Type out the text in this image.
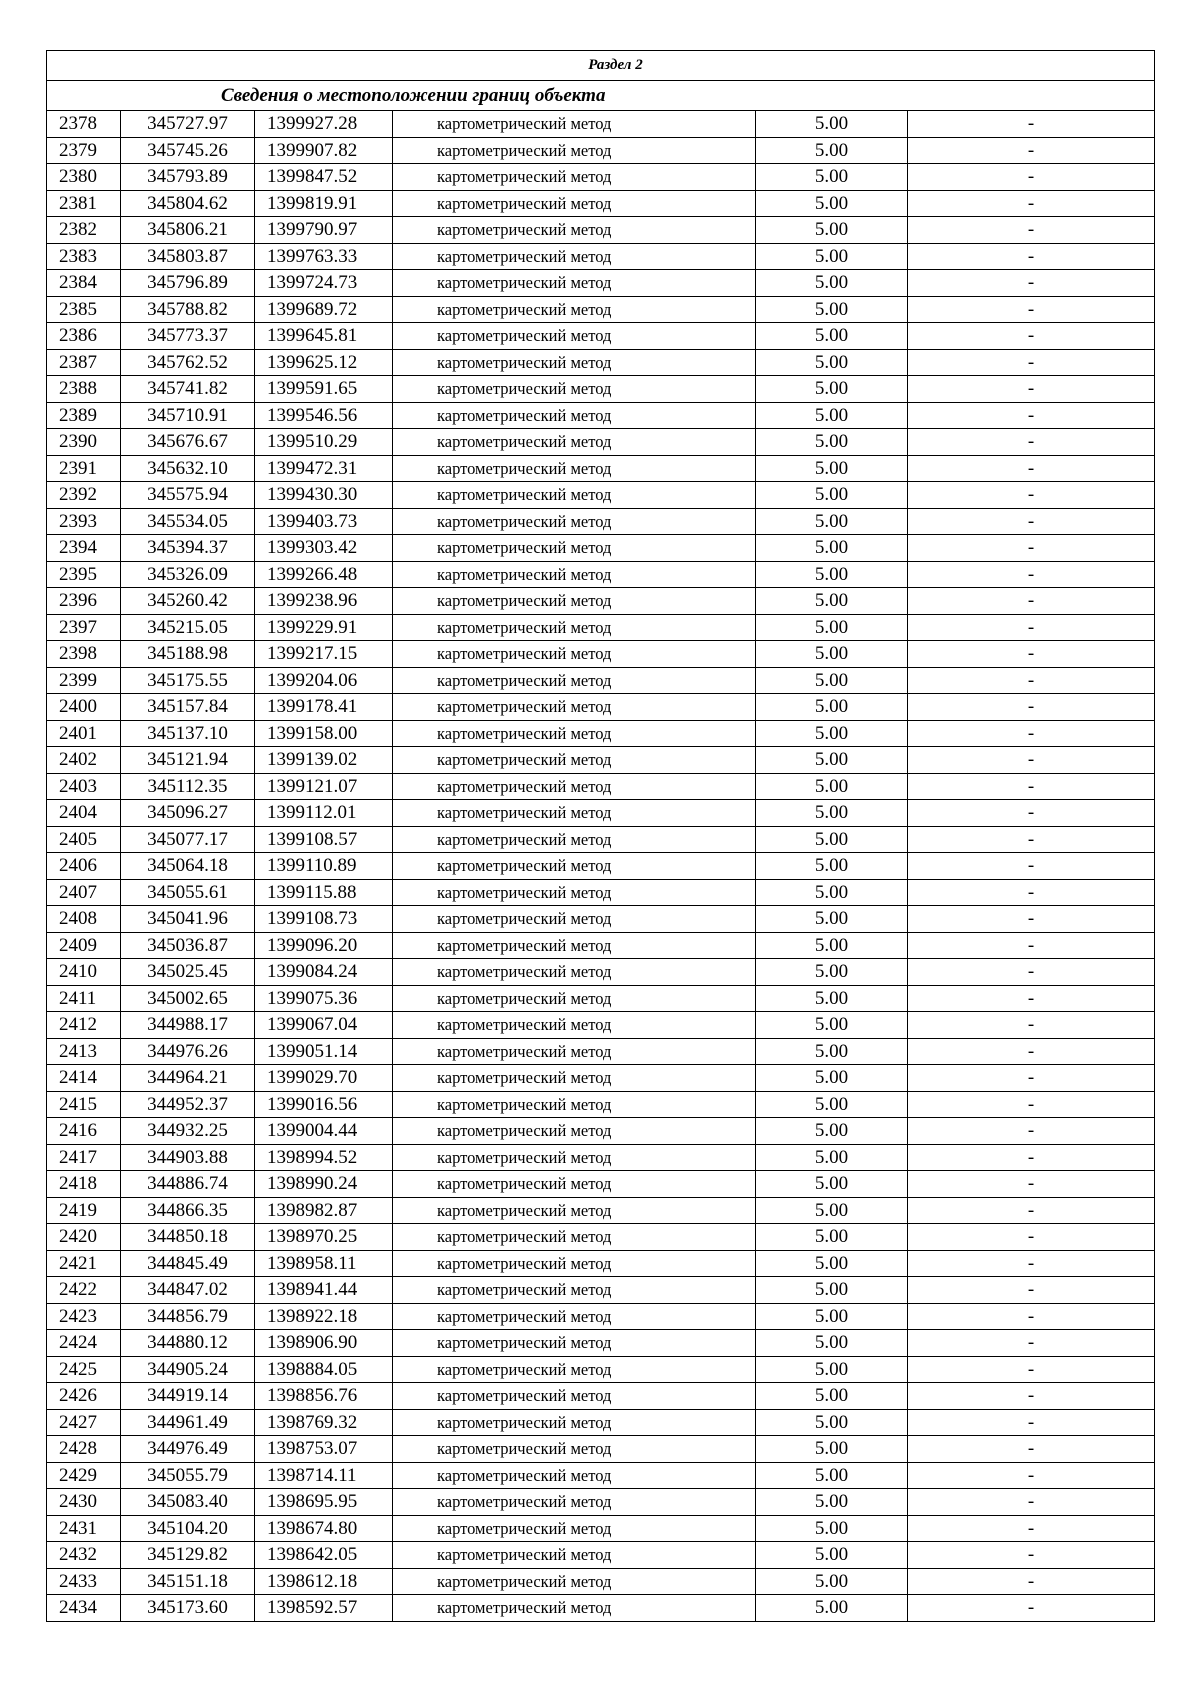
Раздел 2					
Сведения о местоположении границ объекта					
2378	345727.97	1399927.28	картометрический метод	5.00	-
2379	345745.26	1399907.82	картометрический метод	5.00	-
2380	345793.89	1399847.52	картометрический метод	5.00	-
2381	345804.62	1399819.91	картометрический метод	5.00	-
2382	345806.21	1399790.97	картометрический метод	5.00	-
2383	345803.87	1399763.33	картометрический метод	5.00	-
2384	345796.89	1399724.73	картометрический метод	5.00	-
2385	345788.82	1399689.72	картометрический метод	5.00	-
2386	345773.37	1399645.81	картометрический метод	5.00	-
2387	345762.52	1399625.12	картометрический метод	5.00	-
2388	345741.82	1399591.65	картометрический метод	5.00	-
2389	345710.91	1399546.56	картометрический метод	5.00	-
2390	345676.67	1399510.29	картометрический метод	5.00	-
2391	345632.10	1399472.31	картометрический метод	5.00	-
2392	345575.94	1399430.30	картометрический метод	5.00	-
2393	345534.05	1399403.73	картометрический метод	5.00	-
2394	345394.37	1399303.42	картометрический метод	5.00	-
2395	345326.09	1399266.48	картометрический метод	5.00	-
2396	345260.42	1399238.96	картометрический метод	5.00	-
2397	345215.05	1399229.91	картометрический метод	5.00	-
2398	345188.98	1399217.15	картометрический метод	5.00	-
2399	345175.55	1399204.06	картометрический метод	5.00	-
2400	345157.84	1399178.41	картометрический метод	5.00	-
2401	345137.10	1399158.00	картометрический метод	5.00	-
2402	345121.94	1399139.02	картометрический метод	5.00	-
2403	345112.35	1399121.07	картометрический метод	5.00	-
2404	345096.27	1399112.01	картометрический метод	5.00	-
2405	345077.17	1399108.57	картометрический метод	5.00	-
2406	345064.18	1399110.89	картометрический метод	5.00	-
2407	345055.61	1399115.88	картометрический метод	5.00	-
2408	345041.96	1399108.73	картометрический метод	5.00	-
2409	345036.87	1399096.20	картометрический метод	5.00	-
2410	345025.45	1399084.24	картометрический метод	5.00	-
2411	345002.65	1399075.36	картометрический метод	5.00	-
2412	344988.17	1399067.04	картометрический метод	5.00	-
2413	344976.26	1399051.14	картометрический метод	5.00	-
2414	344964.21	1399029.70	картометрический метод	5.00	-
2415	344952.37	1399016.56	картометрический метод	5.00	-
2416	344932.25	1399004.44	картометрический метод	5.00	-
2417	344903.88	1398994.52	картометрический метод	5.00	-
2418	344886.74	1398990.24	картометрический метод	5.00	-
2419	344866.35	1398982.87	картометрический метод	5.00	-
2420	344850.18	1398970.25	картометрический метод	5.00	-
2421	344845.49	1398958.11	картометрический метод	5.00	-
2422	344847.02	1398941.44	картометрический метод	5.00	-
2423	344856.79	1398922.18	картометрический метод	5.00	-
2424	344880.12	1398906.90	картометрический метод	5.00	-
2425	344905.24	1398884.05	картометрический метод	5.00	-
2426	344919.14	1398856.76	картометрический метод	5.00	-
2427	344961.49	1398769.32	картометрический метод	5.00	-
2428	344976.49	1398753.07	картометрический метод	5.00	-
2429	345055.79	1398714.11	картометрический метод	5.00	-
2430	345083.40	1398695.95	картометрический метод	5.00	-
2431	345104.20	1398674.80	картометрический метод	5.00	-
2432	345129.82	1398642.05	картометрический метод	5.00	-
2433	345151.18	1398612.18	картометрический метод	5.00	-
2434	345173.60	1398592.57	картометрический метод	5.00	-
